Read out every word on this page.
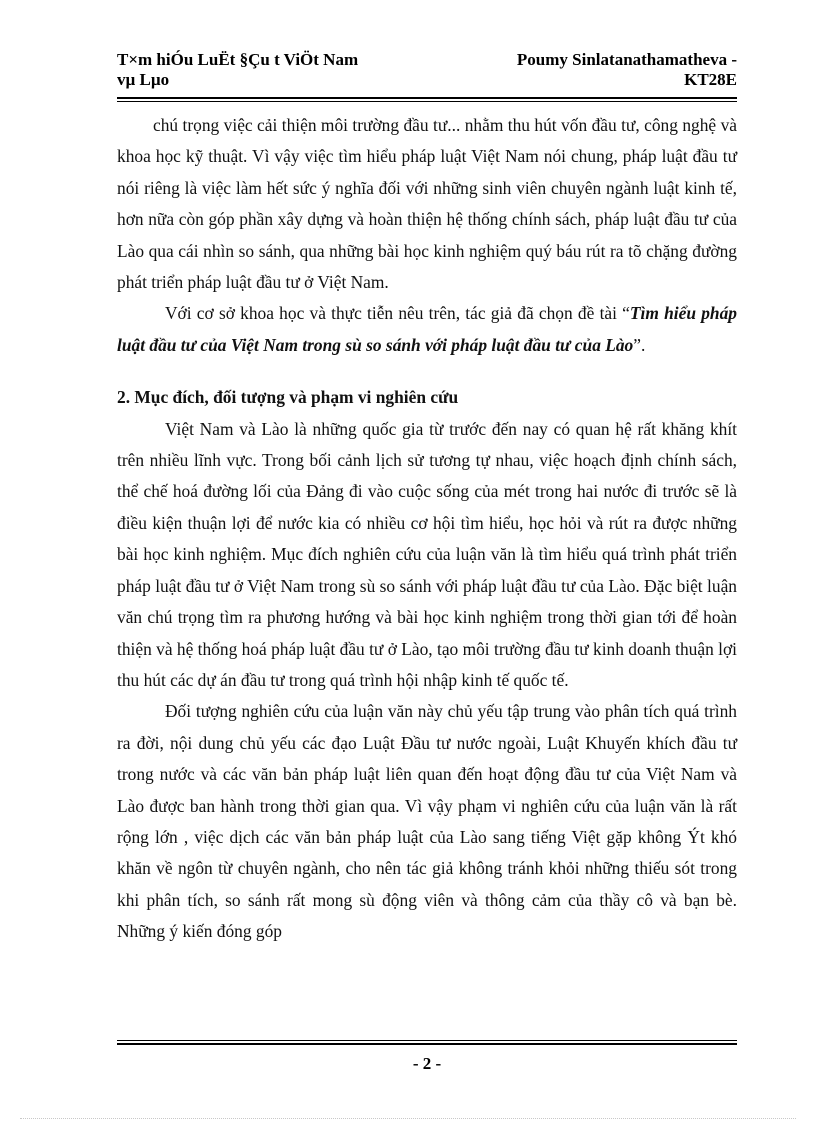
T×m hiÓu LuËt §Çu t ViÖt Nam
vµ Lµo
Poumy Sinlatanathamatheva -
KT28E

chú trọng việc cải thiện môi trường đầu tư... nhằm thu hút vốn đầu tư, công nghệ và khoa học kỹ thuật. Vì vậy việc tìm hiểu pháp luật Việt Nam nói chung, pháp luật đầu tư nói riêng là việc làm hết sức ý nghĩa đối với những sinh viên chuyên ngành luật kinh tế, hơn nữa còn góp phần xây dựng và hoàn thiện hệ thống chính sách, pháp luật đầu tư của Lào qua cái nhìn so sánh, qua những bài học kinh nghiệm quý báu rút ra tõ chặng đường phát triển pháp luật đầu tư ở Việt Nam.

Với cơ sở khoa học và thực tiễn nêu trên, tác giả đã chọn đề tài “Tìm hiểu pháp luật đầu tư của Việt Nam trong sù so sánh với pháp luật đầu tư của Lào”.

2. Mục đích, đối tượng và phạm vi nghiên cứu

Việt Nam và Lào là những quốc gia từ trước đến nay có quan hệ rất khăng khít trên nhiều lĩnh vực. Trong bối cảnh lịch sử tương tự nhau, việc hoạch định chính sách, thể chế hoá đường lối của Đảng đi vào cuộc sống của mét trong hai nước đi trước sẽ là điều kiện thuận lợi để nước kia có nhiều cơ hội tìm hiểu, học hỏi và rút ra được những bài học kinh nghiệm. Mục đích nghiên cứu của luận văn là tìm hiểu quá trình phát triển pháp luật đầu tư ở Việt Nam trong sù so sánh với pháp luật đầu tư của Lào. Đặc biệt luận văn chú trọng tìm ra phương hướng và bài học kinh nghiệm trong thời gian tới để hoàn thiện và hệ thống hoá pháp luật đầu tư ở Lào, tạo môi trường đầu tư kinh doanh thuận lợi thu hút các dự án đầu tư trong quá trình hội nhập kinh tế quốc tế.

Đối tượng nghiên cứu của luận văn này chủ yếu tập trung vào phân tích quá trình ra đời, nội dung chủ yếu các đạo Luật Đầu tư nước ngoài, Luật Khuyến khích đầu tư trong nước và các văn bản pháp luật liên quan đến hoạt động đầu tư của Việt Nam và Lào được ban hành trong thời gian qua. Vì vậy phạm vi nghiên cứu của luận văn là rất rộng lớn , việc dịch các văn bản pháp luật của Lào sang tiếng Việt gặp không Ýt khó khăn về ngôn từ chuyên ngành, cho nên tác giả không tránh khỏi những thiếu sót trong khi phân tích, so sánh rất mong sù động viên và thông cảm của thầy cô và bạn bè. Những ý kiến đóng góp

- 2 -
